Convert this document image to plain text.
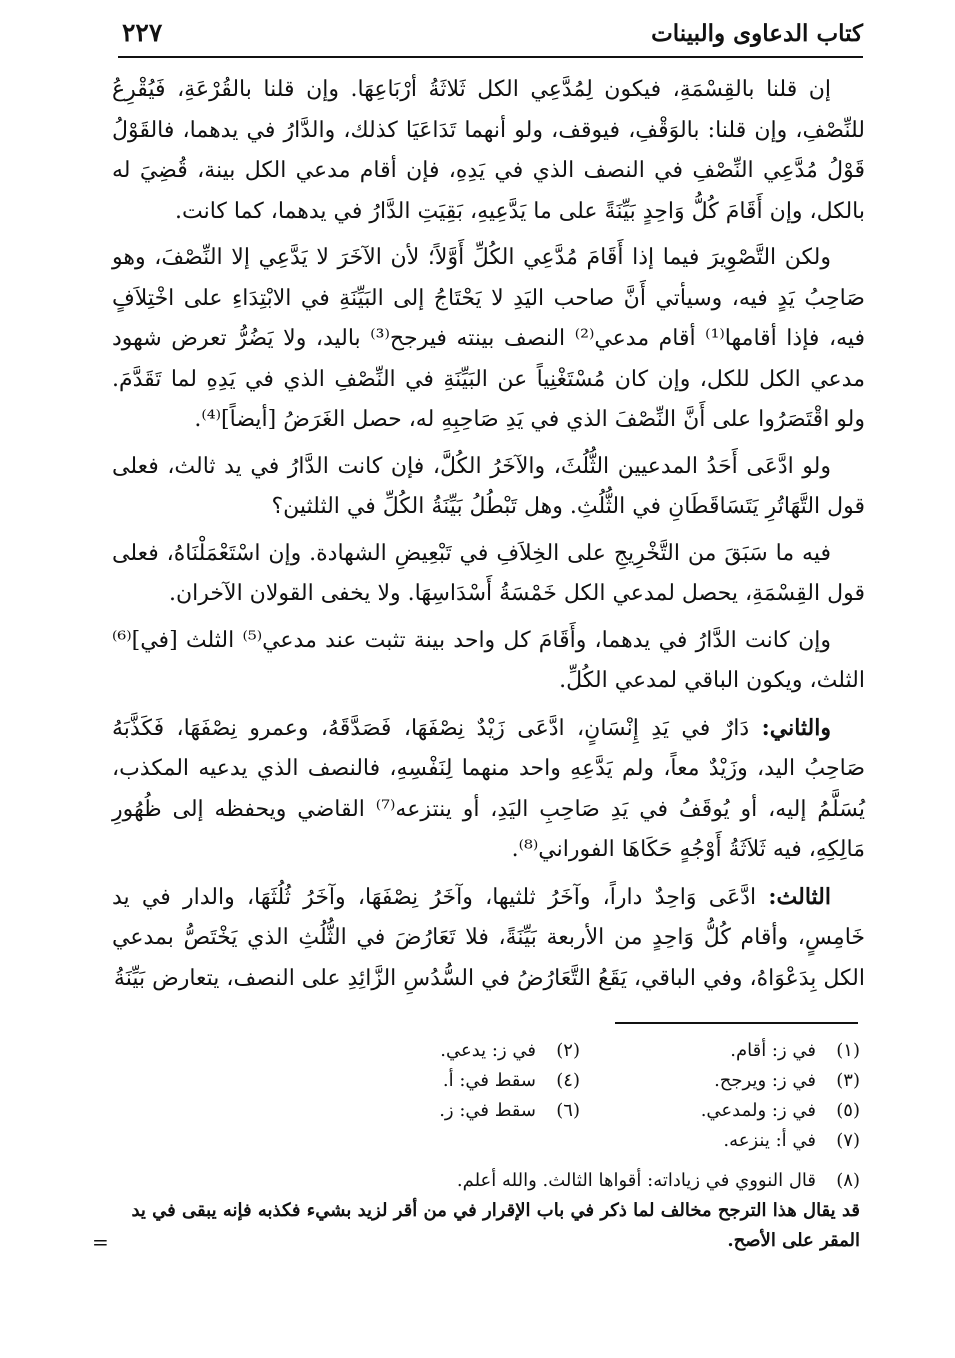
كتاب الدعاوى والبينات
٢٢٧

إن قلنا بالقِسْمَةِ، فيكون لِمُدَّعِي الكل ثَلاثَةُ أرْبَاعِهَا. وإن قلنا بالقُرْعَةِ، فَيُقْرِعُ للنِّصْفِ، وإن قلنا: بالوَقْفِ، فيوقف، ولو أنهما تَدَاعَيَا كذلك، والدَّارُ في يدهما، فالقَوْلُ قَوْلُ مُدَّعِي النِّصْفِ في النصف الذي في يَدِهِ، فإن أقام مدعي الكل بينة، قُضِيَ له بالكل، وإن أَقَامَ كُلُّ وَاحِدٍ بَيِّنَةً على ما يَدَّعِيهِ، بَقِيَتِ الدَّارُ في يدهما، كما كانت.

ولكن التَّصْوِيرَ فيما إذا أَقَامَ مُدَّعِي الكُلِّ أَوَّلاً؛ لأن الآخَرَ لا يَدَّعِي إلا النِّصْفَ، وهو صَاحِبُ يَدٍ فيه، وسيأتي أَنَّ صاحب اليَدِ لا يَحْتَاجُ إلى البَيِّنَةِ في الابْتِدَاءِ على اخْتِلاَفٍ فيه، فإذا أقامها⁽¹⁾ أقام مدعي⁽²⁾ النصف بينته فيرجح⁽³⁾ باليد، ولا يَضُرُّ تعرض شهود مدعي الكل للكل، وإن كان مُسْتَغْنِياً عن البَيِّنَةِ في النِّصْفِ الذي في يَدِهِ لما تَقَدَّمَ. ولو اقْتَصَرُوا على أَنَّ النِّصْفَ الذي في يَدِ صَاحِبِهِ له، حصل الغَرَضُ [أيضاً]⁽⁴⁾.

ولو ادَّعَى أَحَدُ المدعيين الثُّلُثَ، والآخَرُ الكُلَّ، فإن كانت الدَّارُ في يد ثالث، فعلى قول التَّهَاتُرِ يَتَسَاقَطَانِ في الثُّلُثِ. وهل تَبْطُلُ بَيِّنَةُ الكُلِّ في الثلثين؟

فيه ما سَبَقَ من التَّخْرِيجِ على الخِلاَفِ في تَبْعِيضِ الشهادة. وإن اسْتَعْمَلْنَاهُ، فعلى قول القِسْمَةِ، يحصل لمدعي الكل خَمْسَةُ أَسْدَاسِهَا. ولا يخفى القولان الآخران.

وإن كانت الدَّارُ في يدهما، وأَقَامَ كل واحد بينة تثبت عند مدعي⁽⁵⁾ الثلث [في]⁽⁶⁾ الثلث، ويكون الباقي لمدعي الكُلِّ.

والثاني: دَارٌ في يَدِ إِنْسَانٍ، ادَّعَى زَيْدٌ نِصْفَهَا، فَصَدَّقَهُ، وعمرو نِصْفَهَا، فَكَذَّبَهُ صَاحِبُ اليد، وزَيْدٌ معاً، ولم يَدَّعِهِ واحد منهما لِنَفْسِهِ، فالنصف الذي يدعيه المكذب، يُسَلَّمُ إليه، أو يُوقَفُ في يَدِ صَاحِبِ اليَدِ، أو ينتزعه⁽⁷⁾ القاضي ويحفظه إلى ظُهُورِ مَالِكِهِ، فيه ثَلاَثَةُ أَوْجُهٍ حَكَاهَا الفوراني⁽⁸⁾.

الثالث: ادَّعَى وَاحِدٌ داراً، وآخَرُ ثلثيها، وآخَرُ نِصْفَهَا، وآخَرُ ثُلُثَهَا، والدار في يد خَامِسٍ، وأقام كُلُّ وَاحِدٍ من الأربعة بَيِّنَةً، فلا تَعَارُضَ في الثُّلُثِ الذي يَخْتَصُّ بمدعي الكل بِدَعْوَاهُ، وفي الباقي، يَقَعُ التَّعَارُضُ في السُّدُسِ الزَّائِدِ على النصف، يتعارض بَيِّنَةُ

(١)في ز: أقام.
(٢)في ز: يدعي.
(٣)في ز: ويرجح.
(٤)سقط في: أ.
(٥)في ز: ولمدعي.
(٦)سقط في: ز.
(٧)في أ: ينزعه.
(٨)قال النووي في زياداته: أقواها الثالث. والله أعلم.
قد يقال هذا الترجح مخالف لما ذكر في باب الإقرار في من أقر لزيد بشيء فكذبه فإنه يبقى في يد المقر على الأصح.
=
